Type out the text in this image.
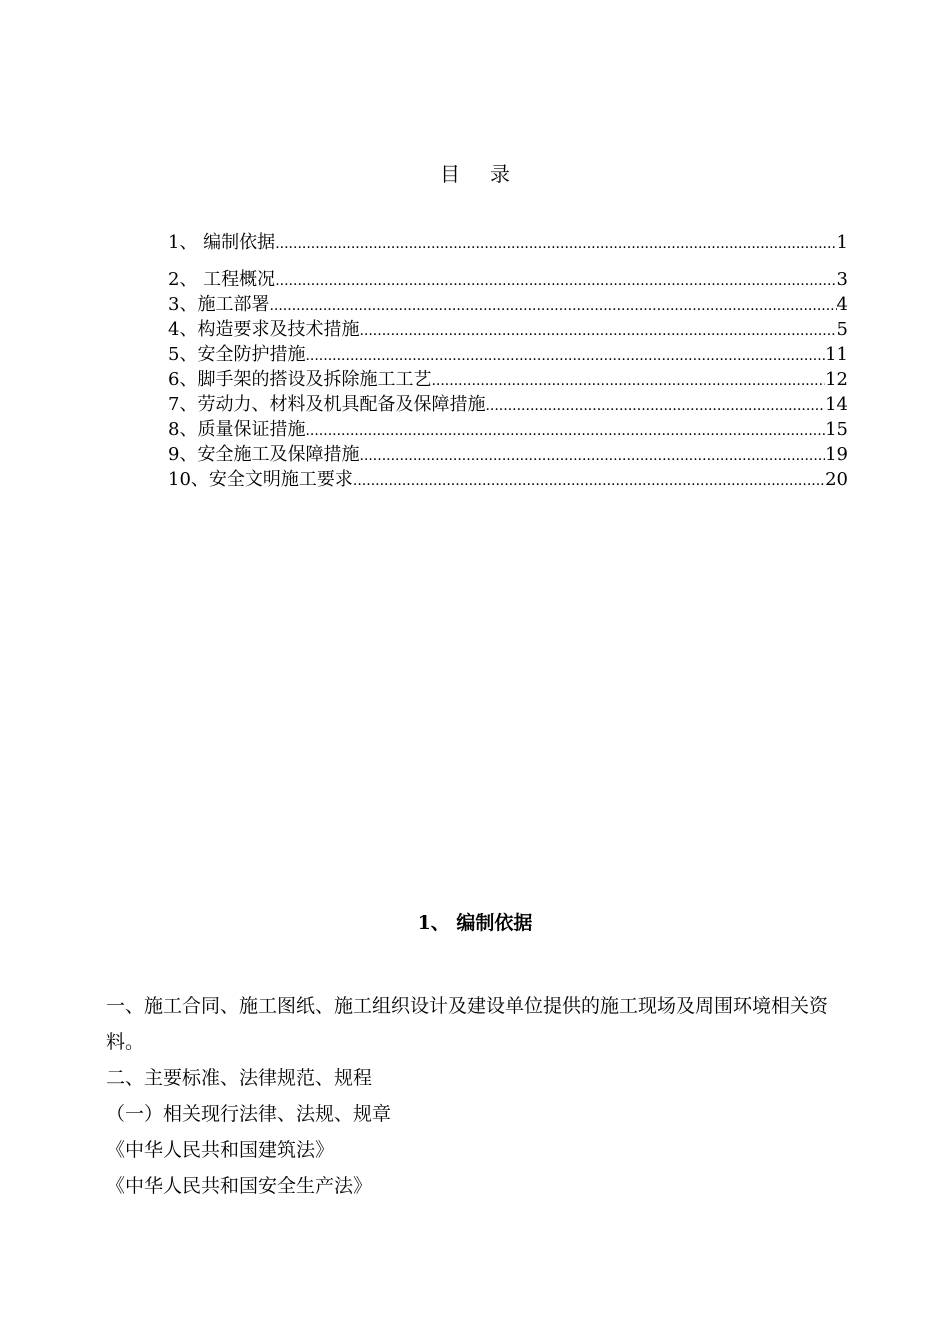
目 录
1、 编制依据 .....	1
2、 工程概况 .....	3
3、施工部署 .....	4
4、构造要求及技术措施 .....	5
5、安全防护措施 .....	11
6、脚手架的搭设及拆除施工工艺 .....	12
7、劳动力、材料及机具配备及保障措施 .....	14
8、质量保证措施 .....	15
9、安全施工及保障措施 .....	19
10、安全文明施工要求 .....	20
1、 编制依据

一、施工合同、施工图纸、施工组织设计及建设单位提供的施工现场及周围环境相关资料。

二、主要标准、法律规范、规程

（一）相关现行法律、法规、规章

《中华人民共和国建筑法》

《中华人民共和国安全生产法》
